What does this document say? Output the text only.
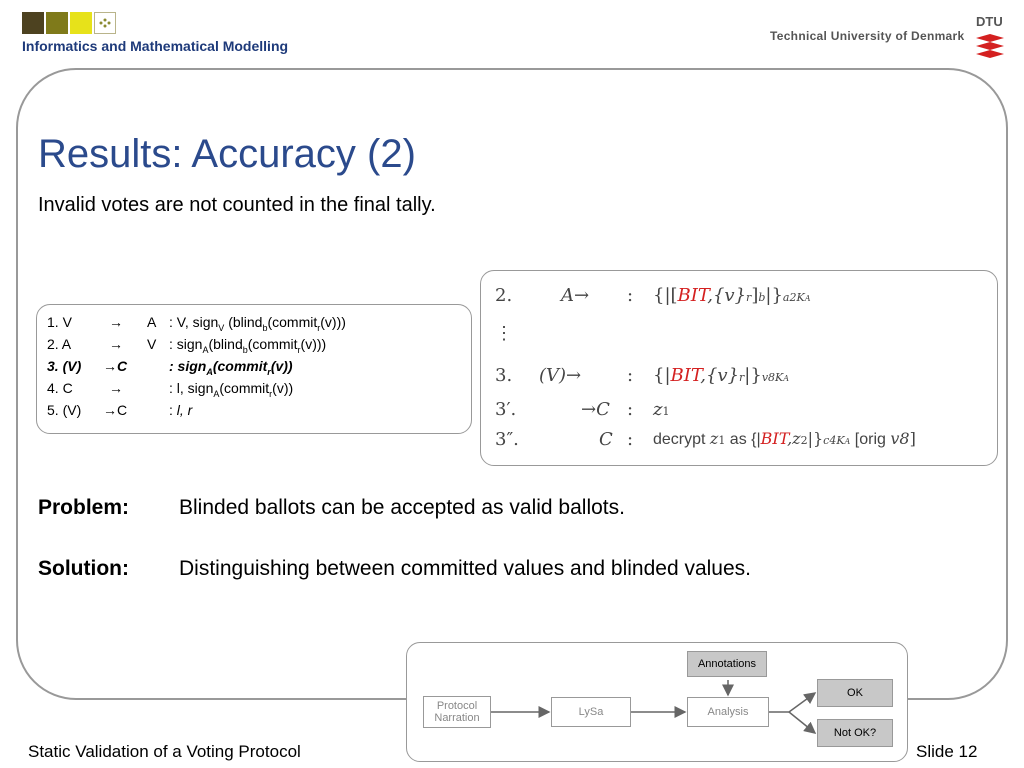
Informatics and Mathematical Modelling
Technical University of Denmark
DTU
Results: Accuracy (2)
Invalid votes are not counted in the final tally.
1. V	→ A : V, sign$_V$ (blind$_b$(commit$_r$(v)))
2. A	→ V : sign$_A$(blind$_b$(commit$_r$(v)))
3. (V) → C	: sign$_A$(commit$_r$(v))
4. C	→	: l, sign$_A$(commit$_r$(v))
5. (V) → C	: l, r
2.	A→ : {|[BIT,{v}r]b|}a2KA
⋮
3. (V)→	: {|BIT,{v}r|}v8KA
3′.	→C : z1
3″.	C : decrypt z1 as {|BIT,z2|}c4KA [orig v8]
Problem: Blinded ballots can be accepted as valid ballots.
Solution: Distinguishing between committed values and blinded values.
Annotations
Protocol
Narration	LySa	Analysis
OK
Not OK?
Static Validation of a Voting Protocol	Slide 12
